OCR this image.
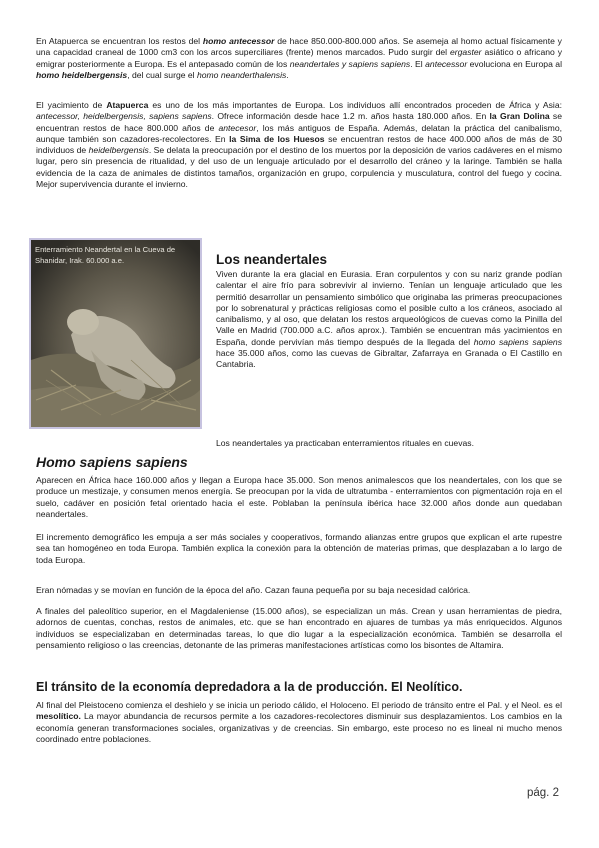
En Atapuerca se encuentran los restos del homo antecessor de hace 850.000-800.000 años. Se asemeja al homo actual físicamente y una capacidad craneal de 1000 cm3 con los arcos superciliares (frente) menos marcados. Pudo surgir del ergaster asiático o africano y emigrar posteriormente a Europa. Es el antepasado común de los neandertales y sapiens sapiens. El antecessor evoluciona en Europa al homo heidelbergensis, del cual surge el homo neanderthalensis.

El yacimiento de Atapuerca es uno de los más importantes de Europa. Los individuos allí encontrados proceden de África y Asia: antecessor, heidelbergensis, sapiens sapiens. Ofrece información desde hace 1.2 m. años hasta 180.000 años. En la Gran Dolina se encuentran restos de hace 800.000 años de antecesor, los más antiguos de España. Además, delatan la práctica del canibalismo, aunque también son cazadores-recolectores. En la Sima de los Huesos se encuentran restos de hace 400.000 años de más de 30 individuos de heidelbergensis. Se delata la preocupación por el destino de los muertos por la deposición de varios cadáveres en el mismo lugar, pero sin presencia de ritualidad, y del uso de un lenguaje articulado por el desarrollo del cráneo y la laringe. También se halla evidencia de la caza de animales de distintos tamaños, organización en grupo, corpulencia y musculatura, control del fuego y cocina. Mejor supervivencia durante el invierno.

Enterramiento Neandertal en la Cueva de Shanidar, Irak. 60.000 a.e.	Los neandertales

Viven durante la era glacial en Eurasia. Eran corpulentos y con su nariz grande podían calentar el aire frío para sobrevivir al invierno. Tenían un lenguaje articulado que les permitió desarrollar un pensamiento simbólico que originaba las primeras preocupaciones por lo sobrenatural y prácticas religiosas como el posible culto a los cráneos, asociado al canibalismo, y al oso, que delatan los restos arqueológicos de cuevas como la Pinilla del Valle en Madrid (700.000 a.C. años aprox.). También se encuentran más yacimientos en España, donde pervivían más tiempo después de la llegada del homo sapiens sapiens hace 35.000 años, como las cuevas de Gibraltar, Zafarraya en Granada o El Castillo en Cantabria.

Los neandertales ya practicaban enterramientos rituales en cuevas.

Homo sapiens sapiens

Aparecen en África hace 160.000 años y llegan a Europa hace 35.000. Son menos animalescos que los neandertales, con los que se produce un mestizaje, y consumen menos energía. Se preocupan por la vida de ultratumba - enterramientos con pigmentación roja en el suelo, cadáver en posición fetal orientado hacia el este. Poblaban la península ibérica hace 32.000 años donde aun quedaban neandertales.

El incremento demográfico les empuja a ser más sociales y cooperativos, formando alianzas entre grupos que explican el arte rupestre sea tan homogéneo en toda Europa. También explica la conexión para la obtención de materias primas, que desplazaban a lo largo de toda Europa.

Eran nómadas y se movían en función de la época del año. Cazan fauna pequeña por su baja necesidad calórica.

A finales del paleolítico superior, en el Magdaleniense (15.000 años), se especializan un más. Crean y usan herramientas de piedra, adornos de cuentas, conchas, restos de animales, etc. que se han encontrado en ajuares de tumbas ya más enriquecidos. Algunos individuos se especializaban en determinadas tareas, lo que dio lugar a la especialización económica. También se desarrolla el pensamiento religioso o las creencias, detonante de las primeras manifestaciones artísticas como los bisontes de Altamira.

El tránsito de la economía depredadora a la de producción. El Neolítico.

Al final del Pleistoceno comienza el deshielo y se inicia un periodo cálido, el Holoceno. El periodo de tránsito entre el Pal. y el Neol. es el mesolítico. La mayor abundancia de recursos permite a los cazadores-recolectores disminuir sus desplazamientos. Los cambios en la economía generan transformaciones sociales, organizativas y de creencias. Sin embargo, este proceso no es lineal ni mucho menos coordinado entre poblaciones.

pág. 2
